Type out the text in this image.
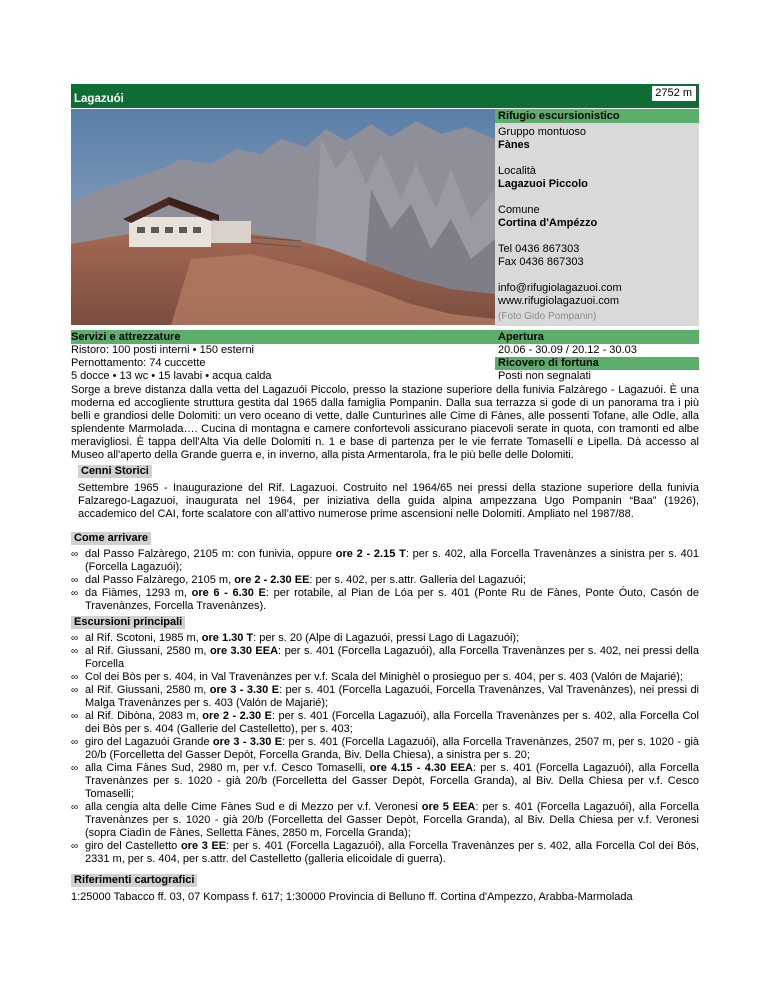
Lagazuói	2752 m
Rifugio escursionistico

Gruppo montuoso
Fànes

Località
Lagazuoi Piccolo

Comune
Cortina d'Ampézzo

Tel 0436 867303
Fax 0436 867303

info@rifugiolagazuoi.com
www.rifugiolagazuoi.com

(Foto Gido Pompanin)
Servizi e attrezzature	Apertura
Ristoro: 100 posti interni • 150 esterni	20.06 - 30.09 / 20.12 - 30.03
Pernottamento: 74 cuccette	Ricovero di fortuna
5 docce • 13 wc • 15 lavabi • acqua calda	Posti non segnalati
Sorge a breve distanza dalla vetta del Lagazuói Piccolo, presso la stazione superiore della funivia Falzàrego - Lagazuói. È una moderna ed accogliente struttura gestita dal 1965 dalla famiglia Pompanin. Dalla sua terrazza si gode di un panorama tra i più belli e grandiosi delle Dolomiti: un vero oceano di vette, dalle Cunturìnes alle Cime di Fànes, alle possenti Tofane, alle Odle, alla splendente Marmolada…. Cucina di montagna e camere confortevoli assicurano piacevoli serate in quota, con tramonti ed albe meravigliosi. È tappa dell'Alta Via delle Dolomiti n. 1 e base di partenza per le vie ferrate Tomaselli e Lipella. Dà accesso al Museo all'aperto della Grande guerra e, in inverno, alla pista Armentarola, fra le più belle delle Dolomiti.
Cenni Storici
Settembre 1965 - Inaugurazione del Rif. Lagazuoi. Costruito nel 1964/65 nei pressi della stazione superiore della funivia Falzarego-Lagazuoi, inaugurata nel 1964, per iniziativa della guida alpina ampezzana Ugo Pompanin “Baa” (1926), accademico del CAI, forte scalatore con all’attivo numerose prime ascensioni nelle Dolomiti. Ampliato nel 1987/88.
Come arrivare
∞ dal Passo Falzàrego, 2105 m: con funivia, oppure ore 2 - 2.15 T: per s. 402, alla Forcella Travenànzes a sinistra per s. 401 (Forcella Lagazuói);
∞ dal Passo Falzàrego, 2105 m, ore 2 - 2.30 EE: per s. 402, per s.attr. Galleria del Lagazuói;
∞ da Fiàmes, 1293 m, ore 6 - 6.30 E: per rotabile, al Pian de Lóa per s. 401 (Ponte Ru de Fànes, Ponte Óuto, Casón de Travenànzes, Forcella Travenànzes).
Escursioni principali
∞ al Rif. Scotoni, 1985 m, ore 1.30 T: per s. 20 (Alpe di Lagazuói, pressi Lago di Lagazuói);
∞ al Rif. Giussani, 2580 m, ore 3.30 EEA: per s. 401 (Forcella Lagazuói), alla Forcella Travenànzes per s. 402, nei pressi della Forcella
∞ Col dei Bòs per s. 404, in Val Travenànzes per v.f. Scala del Minighèl o prosieguo per s. 404, per s. 403 (Valón de Majarié);
∞ al Rif. Giussani, 2580 m, ore 3 - 3.30 E: per s. 401 (Forcella Lagazuói, Forcella Travenànzes, Val Travenànzes), nei pressi di Malga Travenànzes per s. 403 (Valón de Majarié);
∞ al Rif. Dibòna, 2083 m, ore 2 - 2.30 E: per s. 401 (Forcella Lagazuói), alla Forcella Travenànzes per s. 402, alla Forcella Col dei Bòs per s. 404 (Gallerie del Castelletto), per s. 403;
∞ giro del Lagazuói Grande ore 3 - 3.30 E: per s. 401 (Forcella Lagazuói), alla Forcella Travenànzes, 2507 m, per s. 1020 - già 20/b (Forcelletta del Gasser Depòt, Forcella Granda, Biv. Della Chiesa), a sinistra per s. 20;
∞ alla Cima Fànes Sud, 2980 m, per v.f. Cesco Tomaselli, ore 4.15 - 4.30 EEA: per s. 401 (Forcella Lagazuói), alla Forcella Travenànzes per s. 1020 - già 20/b (Forcelletta del Gasser Depòt, Forcella Granda), al Biv. Della Chiesa per v.f. Cesco Tomaselli;
∞ alla cengia alta delle Cime Fànes Sud e di Mezzo per v.f. Veronesi ore 5 EEA: per s. 401 (Forcella Lagazuói), alla Forcella Travenànzes per s. 1020 - già 20/b (Forcelletta del Gasser Depòt, Forcella Granda), al Biv. Della Chiesa per v.f. Veronesi (sopra Ciadìn de Fànes, Selletta Fànes, 2850 m, Forcella Granda);
∞ giro del Castelletto ore 3 EE: per s. 401 (Forcella Lagazuói), alla Forcella Travenànzes per s. 402, alla Forcella Col dei Bòs, 2331 m, per s. 404, per s.attr. del Castelletto (galleria elicoidale di guerra).
Riferimenti cartografici
1:25000 Tabacco ff. 03, 07 Kompass f. 617; 1:30000 Provincia di Belluno ff. Cortina d'Ampezzo, Arabba-Marmolada
